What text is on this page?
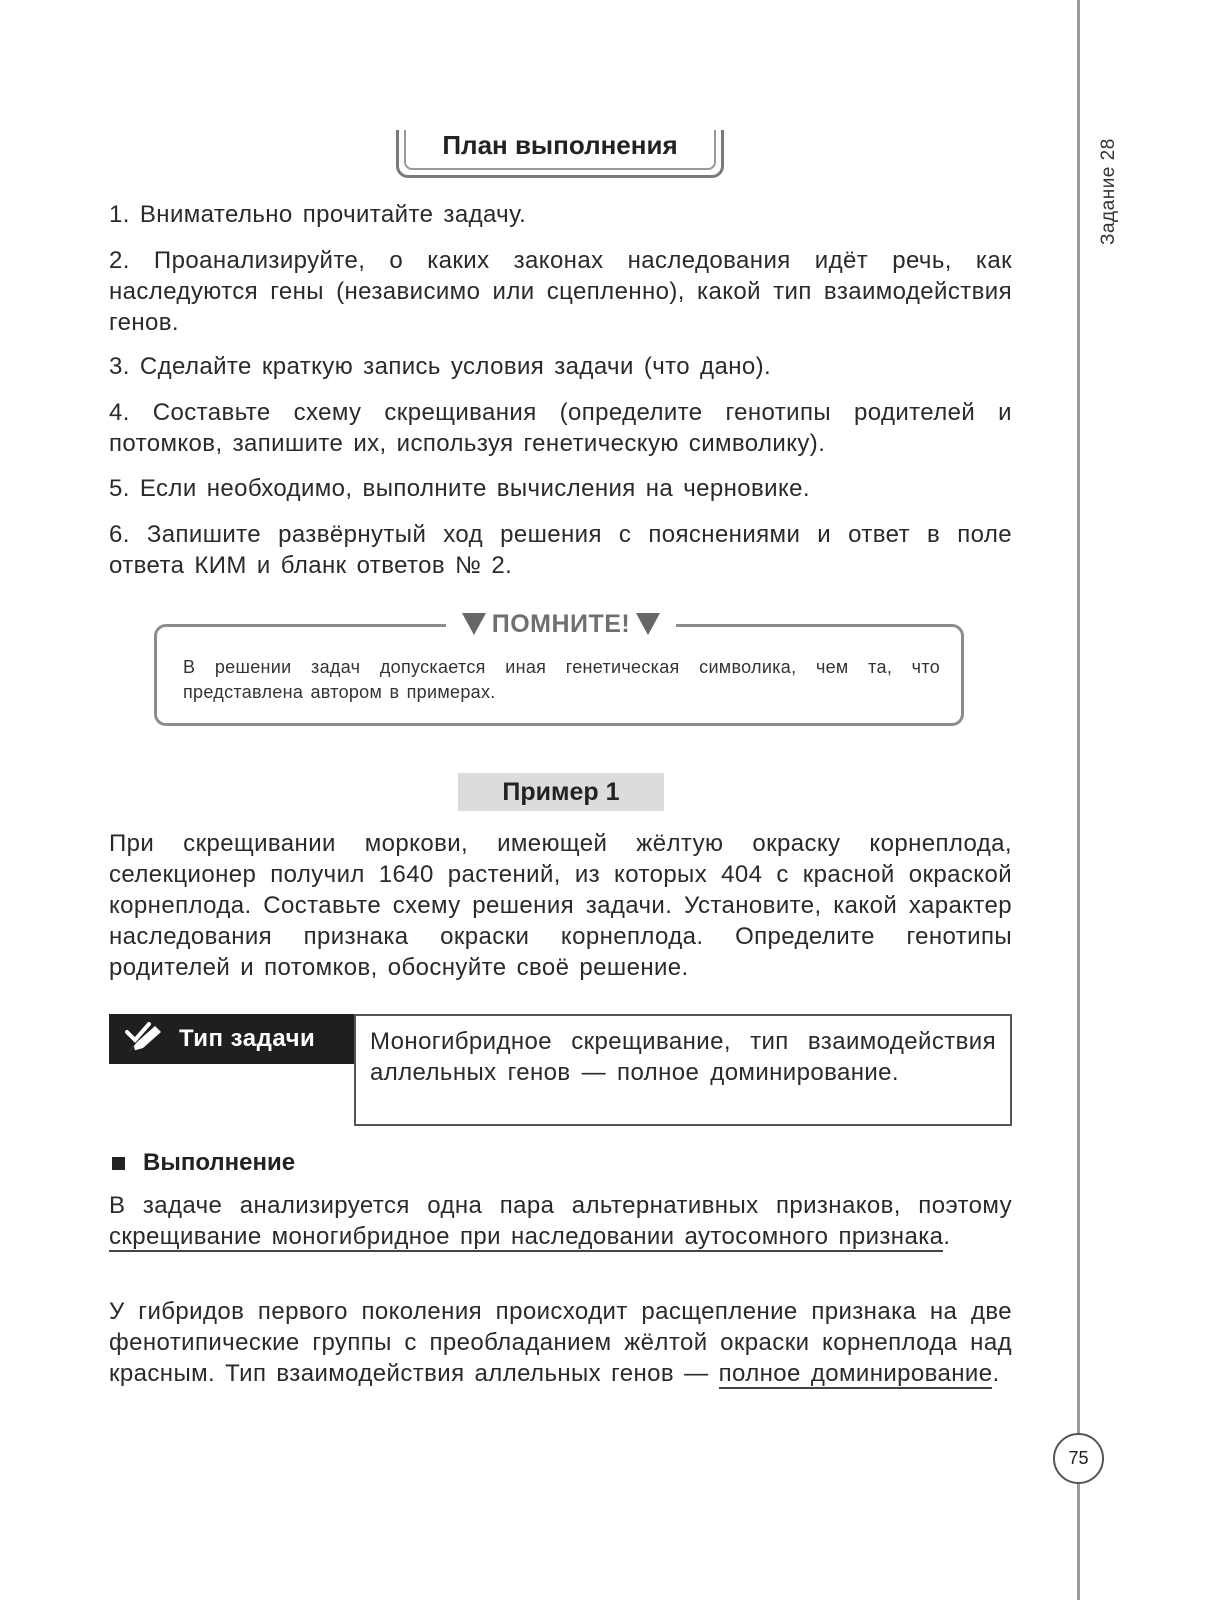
Задание 28
75
План выполнения

1. Внимательно прочитайте задачу.

2. Проанализируйте, о каких законах наследования идёт речь, как наследуются гены (независимо или сцепленно), какой тип взаимодействия генов.

3. Сделайте краткую запись условия задачи (что дано).

4. Составьте схему скрещивания (определите генотипы родителей и потомков, запишите их, используя генетическую символику).

5. Если необходимо, выполните вычисления на черновике.

6. Запишите развёрнутый ход решения с пояснениями и ответ в поле ответа КИМ и бланк ответов № 2.

ПОМНИТЕ!
В решении задач допускается иная генетическая символика, чем та, что представлена автором в примерах.
Пример 1

При скрещивании моркови, имеющей жёлтую окраску корнеплода, селекционер получил 1640 растений, из которых 404 с красной окраской корнеплода. Составьте схему решения задачи. Установите, какой характер наследования признака окраски корнеплода. Определите генотипы родителей и потомков, обоснуйте своё решение.

Тип задачи	Моногибридное скрещивание, тип взаимодействия аллельных генов — полное доминирование.
Выполнение

В задаче анализируется одна пара альтернативных признаков, поэтому скрещивание моногибридное при наследовании аутосомного признака.

У гибридов первого поколения происходит расщепление признака на две фенотипические группы с преобладанием жёлтой окраски корнеплода над красным. Тип взаимодействия аллельных генов — полное доминирование.
